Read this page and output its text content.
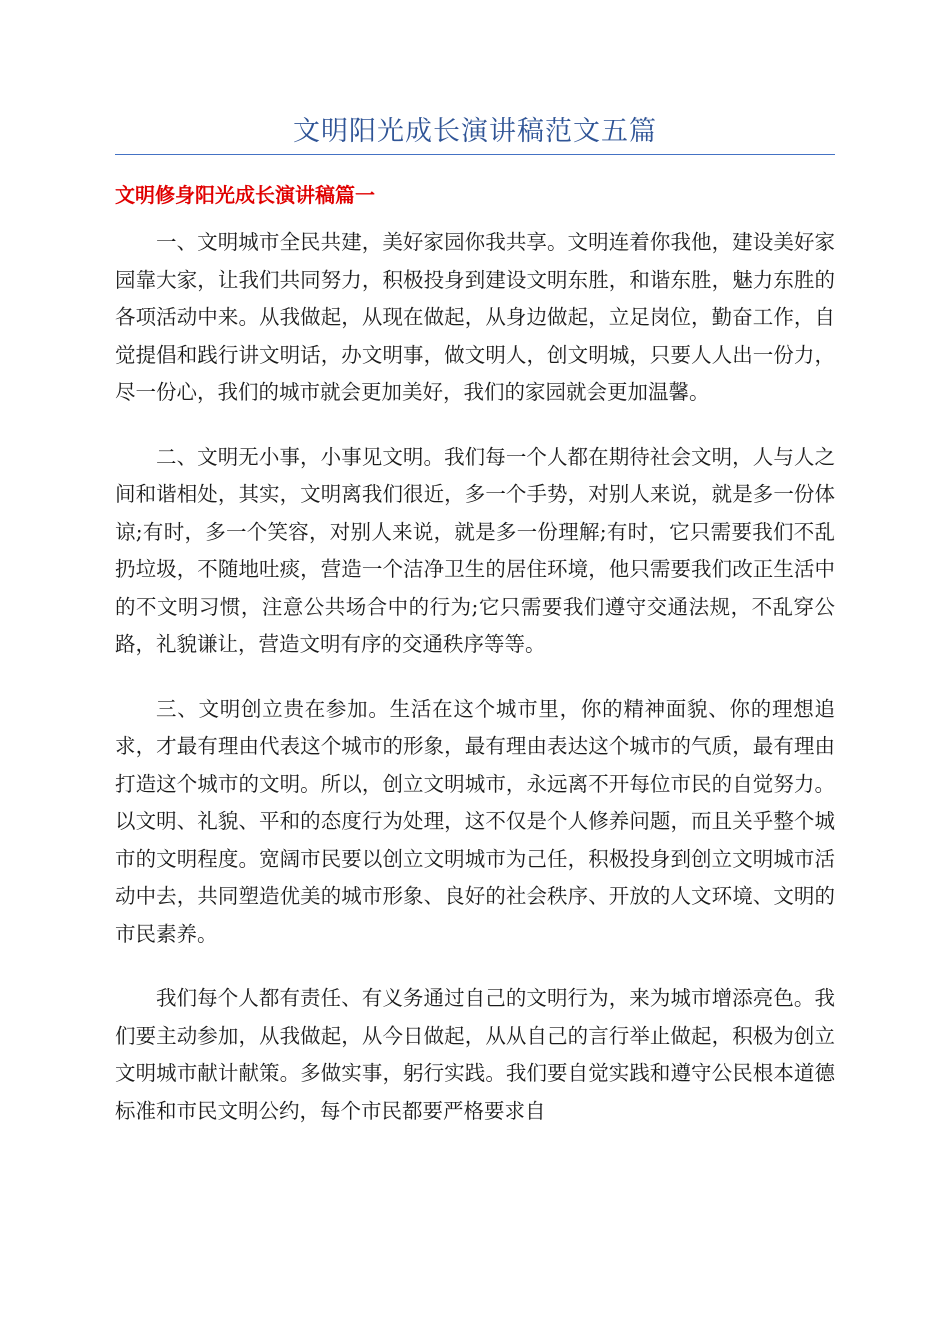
文明阳光成长演讲稿范文五篇
文明修身阳光成长演讲稿篇一

一、文明城市全民共建，美好家园你我共享。文明连着你我他，建设美好家园靠大家，让我们共同努力，积极投身到建设文明东胜，和谐东胜，魅力东胜的各项活动中来。从我做起，从现在做起，从身边做起，立足岗位，勤奋工作，自觉提倡和践行讲文明话，办文明事，做文明人，创文明城，只要人人出一份力，尽一份心，我们的城市就会更加美好，我们的家园就会更加温馨。

二、文明无小事，小事见文明。我们每一个人都在期待社会文明，人与人之间和谐相处，其实，文明离我们很近，多一个手势，对别人来说，就是多一份体谅;有时，多一个笑容，对别人来说，就是多一份理解;有时，它只需要我们不乱扔垃圾，不随地吐痰，营造一个洁净卫生的居住环境，他只需要我们改正生活中的不文明习惯，注意公共场合中的行为;它只需要我们遵守交通法规，不乱穿公路，礼貌谦让，营造文明有序的交通秩序等等。

三、文明创立贵在参加。生活在这个城市里，你的精神面貌、你的理想追求，才最有理由代表这个城市的形象，最有理由表达这个城市的气质，最有理由打造这个城市的文明。所以，创立文明城市，永远离不开每位市民的自觉努力。以文明、礼貌、平和的态度行为处理，这不仅是个人修养问题，而且关乎整个城市的文明程度。宽阔市民要以创立文明城市为己任，积极投身到创立文明城市活动中去，共同塑造优美的城市形象、良好的社会秩序、开放的人文环境、文明的市民素养。

我们每个人都有责任、有义务通过自己的文明行为，来为城市增添亮色。我们要主动参加，从我做起，从今日做起，从从自己的言行举止做起，积极为创立文明城市献计献策。多做实事，躬行实践。我们要自觉实践和遵守公民根本道德标准和市民文明公约，每个市民都要严格要求自
